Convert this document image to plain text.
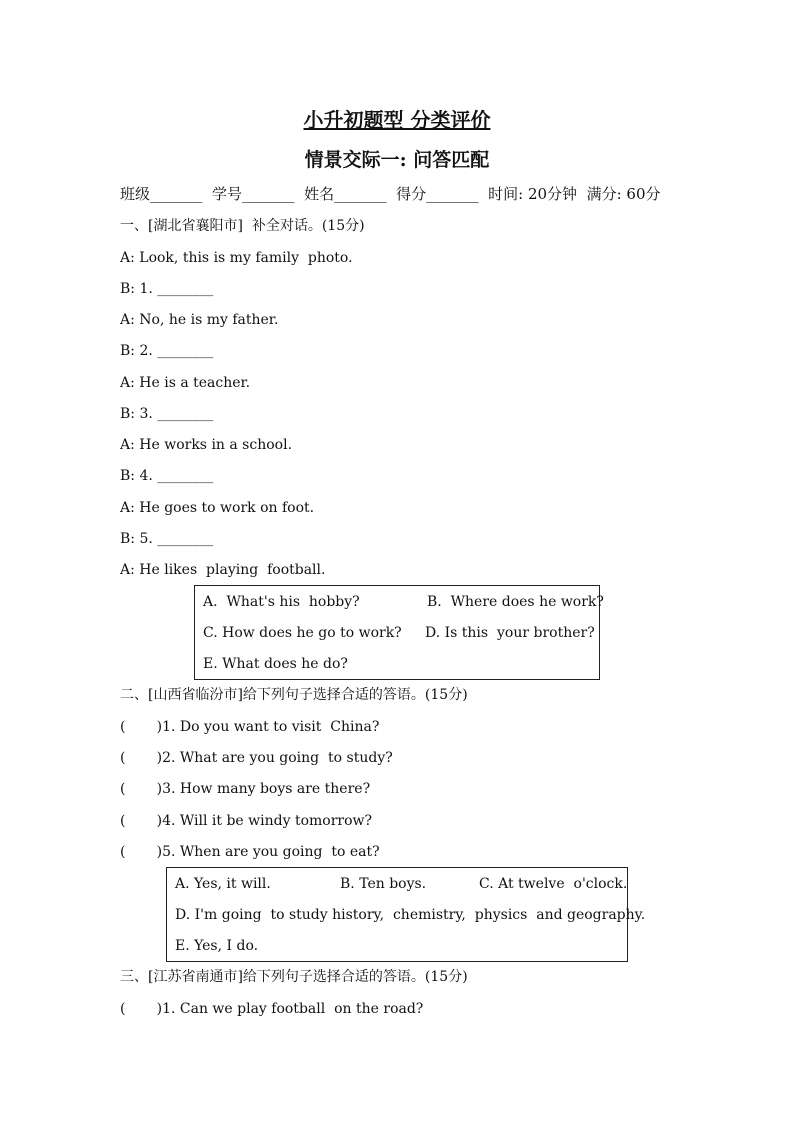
小升初题型 分类评价
情景交际一: 问答匹配
班级_______  学号_______  姓名_______  得分_______  时间: 20分钟  满分: 60分
一、[湖北省襄阳市]  补全对话。(15分)
A: Look, this is my family  photo.
B: 1. ________
A: No, he is my father.
B: 2. ________
A: He is a teacher.
B: 3. ________
A: He works in a school.
B: 4. ________
A: He goes to work on foot.
B: 5. ________
A: He likes  playing  football.
A.  What's his  hobby?	B.  Where does he work?
C. How does he go to work? D. Is this  your brother?
E. What does he do?
二、[山西省临汾市]给下列句子选择合适的答语。(15分)
(       )1. Do you want to visit  China?
(       )2. What are you going  to study?
(       )3. How many boys are there?
(       )4. Will it be windy tomorrow?
(       )5. When are you going  to eat?
A. Yes, it will.	B. Ten boys.	C. At twelve  o'clock.
D. I'm going  to study history,  chemistry,  physics  and geography.
E. Yes, I do.
三、[江苏省南通市]给下列句子选择合适的答语。(15分)
(       )1. Can we play football  on the road?
